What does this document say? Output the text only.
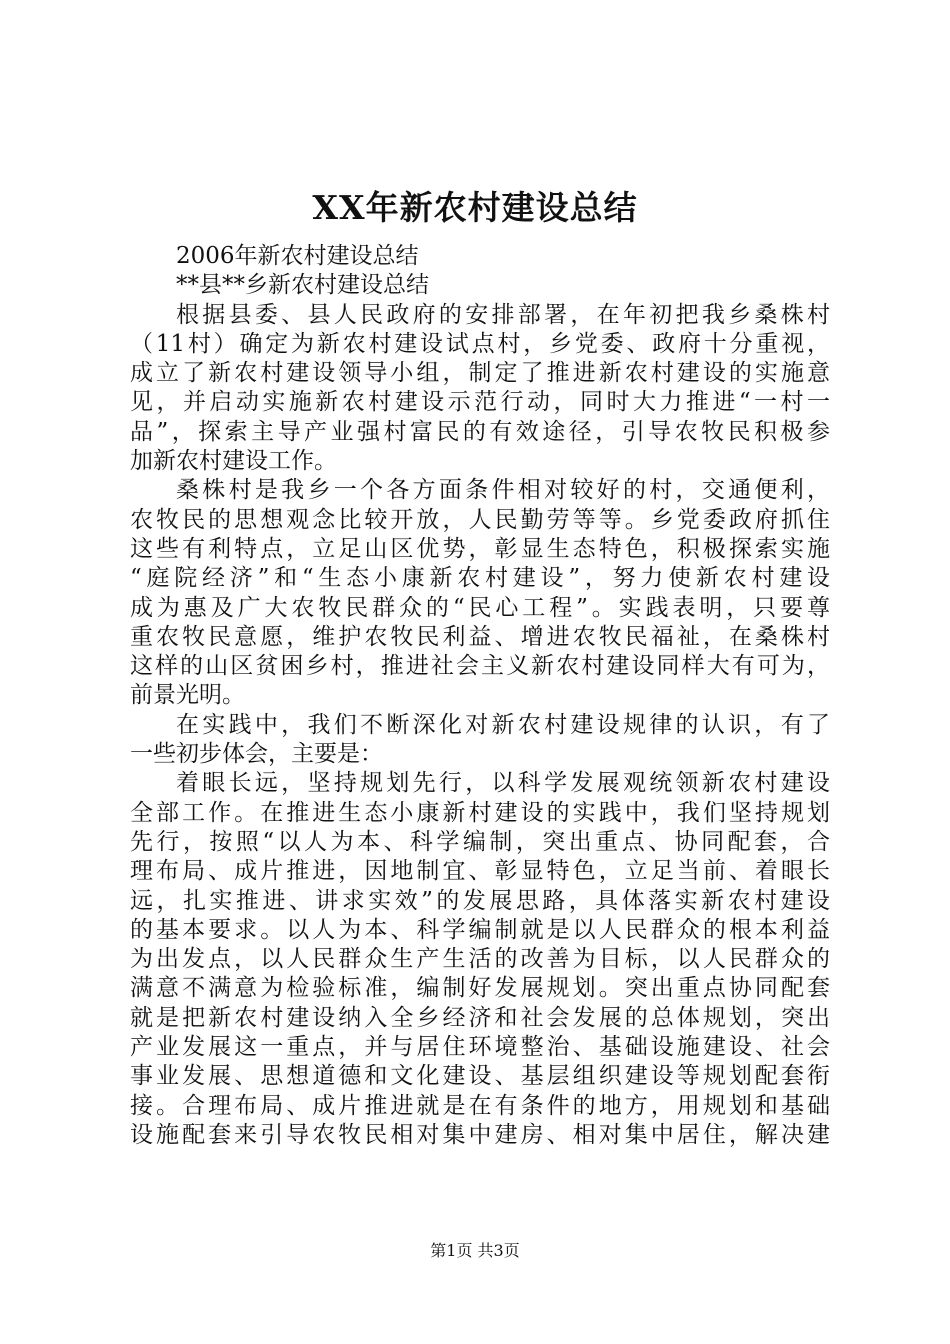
XX年新农村建设总结
2006年新农村建设总结
**县**乡新农村建设总结
根据县委、县人民政府的安排部署，在年初把我乡桑株村
（11村）确定为新农村建设试点村，乡党委、政府十分重视，
成立了新农村建设领导小组，制定了推进新农村建设的实施意
见，并启动实施新农村建设示范行动，同时大力推进“一村一
品”，探索主导产业强村富民的有效途径，引导农牧民积极参
加新农村建设工作。
桑株村是我乡一个各方面条件相对较好的村，交通便利，
农牧民的思想观念比较开放，人民勤劳等等。乡党委政府抓住
这些有利特点，立足山区优势，彰显生态特色，积极探索实施
“庭院经济”和“生态小康新农村建设”，努力使新农村建设
成为惠及广大农牧民群众的“民心工程”。实践表明，只要尊
重农牧民意愿，维护农牧民利益、增进农牧民福祉，在桑株村
这样的山区贫困乡村，推进社会主义新农村建设同样大有可为，
前景光明。
在实践中，我们不断深化对新农村建设规律的认识，有了
一些初步体会，主要是：
着眼长远，坚持规划先行，以科学发展观统领新农村建设
全部工作。在推进生态小康新村建设的实践中，我们坚持规划
先行，按照“以人为本、科学编制，突出重点、协同配套，合
理布局、成片推进，因地制宜、彰显特色，立足当前、着眼长
远，扎实推进、讲求实效”的发展思路，具体落实新农村建设
的基本要求。以人为本、科学编制就是以人民群众的根本利益
为出发点，以人民群众生产生活的改善为目标，以人民群众的
满意不满意为检验标准，编制好发展规划。突出重点协同配套
就是把新农村建设纳入全乡经济和社会发展的总体规划，突出
产业发展这一重点，并与居住环境整治、基础设施建设、社会
事业发展、思想道德和文化建设、基层组织建设等规划配套衔
接。合理布局、成片推进就是在有条件的地方，用规划和基础
设施配套来引导农牧民相对集中建房、相对集中居住，解决建
第1页 共3页
